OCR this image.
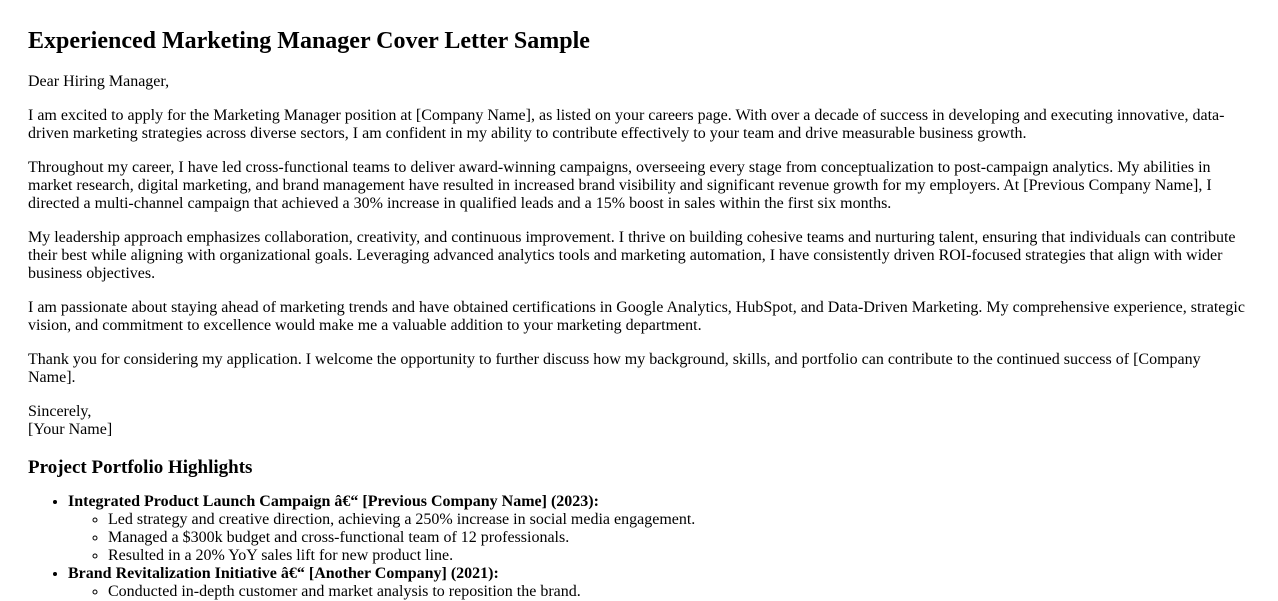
Experienced Marketing Manager Cover Letter Sample

Dear Hiring Manager,

I am excited to apply for the Marketing Manager position at [Company Name], as listed on your careers page. With over a decade of success in developing and executing innovative, data-driven marketing strategies across diverse sectors, I am confident in my ability to contribute effectively to your team and drive measurable business growth.

Throughout my career, I have led cross-functional teams to deliver award-winning campaigns, overseeing every stage from conceptualization to post-campaign analytics. My abilities in market research, digital marketing, and brand management have resulted in increased brand visibility and significant revenue growth for my employers. At [Previous Company Name], I directed a multi-channel campaign that achieved a 30% increase in qualified leads and a 15% boost in sales within the first six months.

My leadership approach emphasizes collaboration, creativity, and continuous improvement. I thrive on building cohesive teams and nurturing talent, ensuring that individuals can contribute their best while aligning with organizational goals. Leveraging advanced analytics tools and marketing automation, I have consistently driven ROI-focused strategies that align with wider business objectives.

I am passionate about staying ahead of marketing trends and have obtained certifications in Google Analytics, HubSpot, and Data-Driven Marketing. My comprehensive experience, strategic vision, and commitment to excellence would make me a valuable addition to your marketing department.

Thank you for considering my application. I welcome the opportunity to further discuss how my background, skills, and portfolio can contribute to the continued success of [Company Name].

Sincerely,
[Your Name]

Project Portfolio Highlights
• Integrated Product Launch Campaign â€“ [Previous Company Name] (2023):
◦ Led strategy and creative direction, achieving a 250% increase in social media engagement.
◦ Managed a $300k budget and cross-functional team of 12 professionals.
◦ Resulted in a 20% YoY sales lift for new product line.
• Brand Revitalization Initiative â€“ [Another Company] (2021):
◦ Conducted in-depth customer and market analysis to reposition the brand.
